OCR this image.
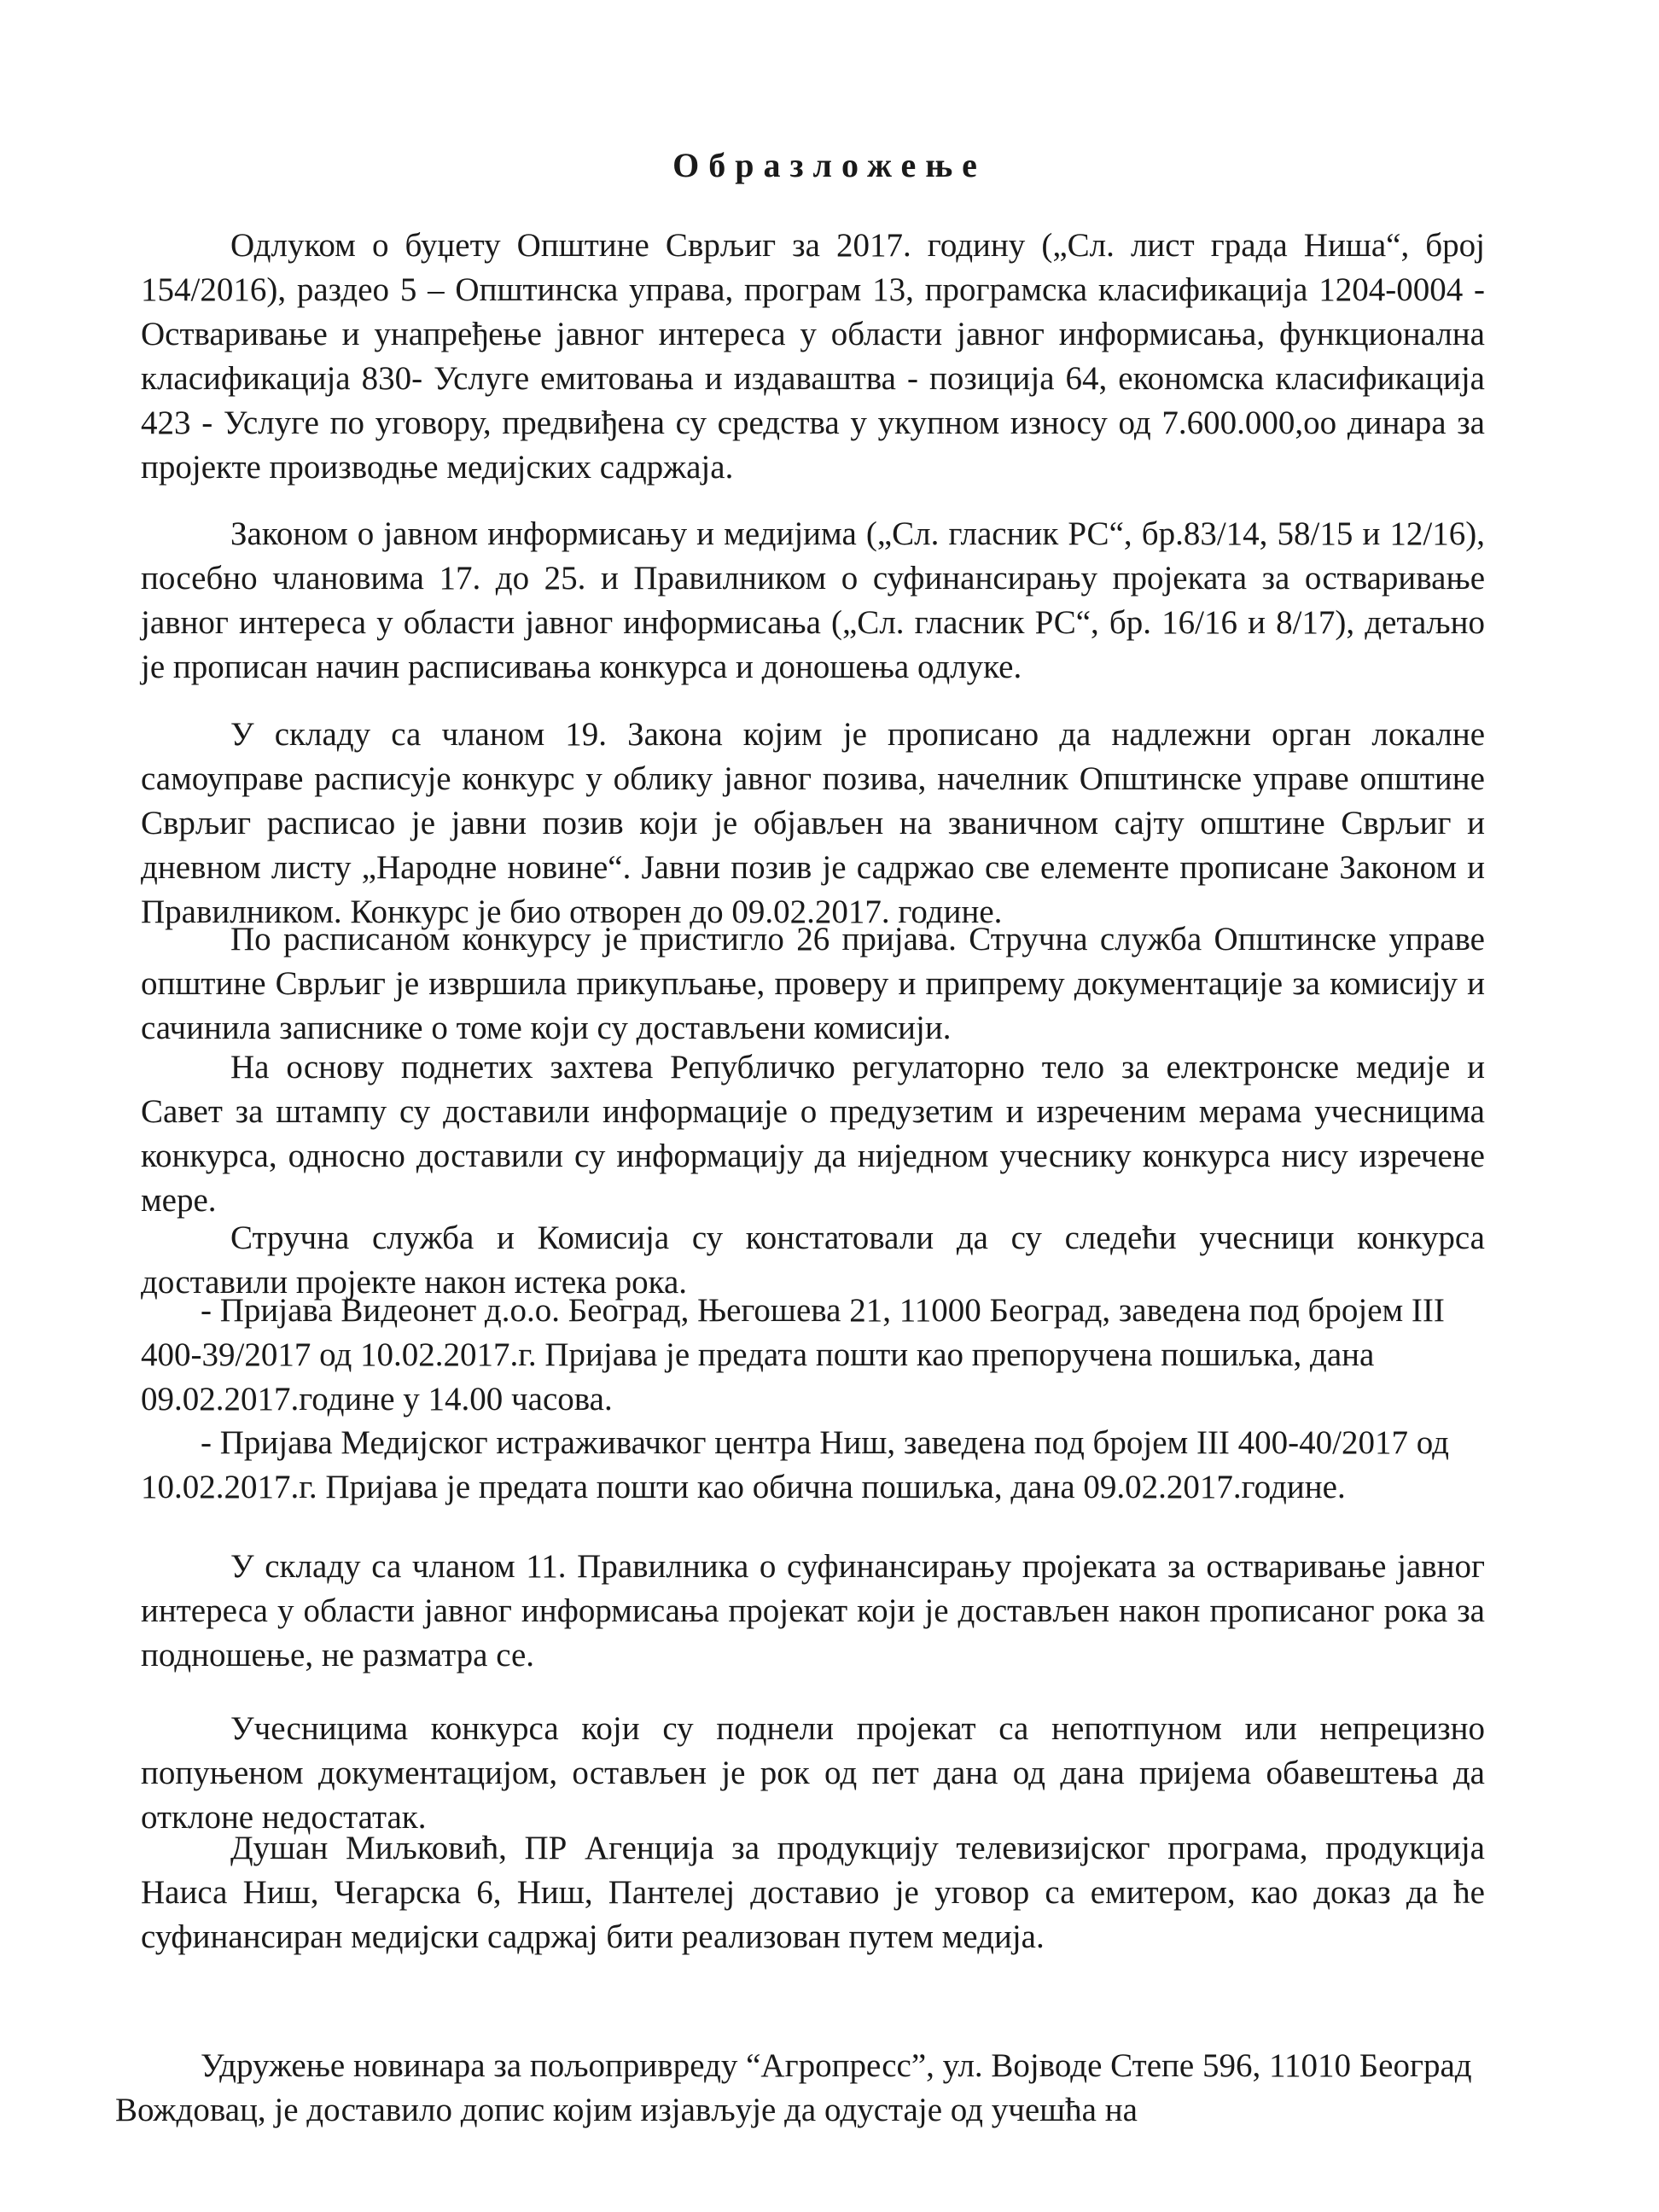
Образложење

Одлуком о буџету Општине Сврљиг за 2017. годину („Сл. лист града Ниша“, број 154/2016), раздео 5 – Општинска управа, програм 13, програмска класификација 1204-0004 - Остваривање и унапређење јавног интереса у области јавног информисања, функционална класификација 830- Услуге емитовања и издаваштва - позиција 64, економска класификација 423 - Услуге по уговору, предвиђена су средства у укупном износу од 7.600.000,оо динара за пројекте производње медијских садржаја.

Законом о јавном информисању и медијима („Сл. гласник РС“, бр.83/14, 58/15 и 12/16), посебно члановима 17. до 25. и Правилником о суфинансирању пројеката за остваривање јавног интереса у области јавног информисања („Сл. гласник РС“, бр. 16/16 и 8/17), детаљно је прописан начин расписивања конкурса и доношења одлуке.

У складу са чланом 19. Закона којим је прописано да надлежни орган локалне самоуправе расписује конкурс у облику јавног позива, начелник Општинске управе општине Сврљиг расписао је јавни позив који је објављен на званичном сајту општине Сврљиг и дневном листу „Народне новине“. Јавни позив је садржао све елементе прописане Законом и Правилником. Конкурс је био отворен до 09.02.2017. године.

По расписаном конкурсу је пристигло 26 пријава. Стручна служба Општинске управе општине Сврљиг је извршила прикупљање, проверу и припрему документације за комисију и сачинила записнике о томе који су достављени комисији.

На основу поднетих захтева Републичко регулаторно тело за електронске медије и Савет за штампу су доставили информације о предузетим и изреченим мерама учесницима конкурса, односно доставили су информацију да ниједном учеснику конкурса нису изречене мере.

Стручна служба и Комисија су констатовали да су следећи учесници конкурса доставили пројекте након истека рока.

- Пријава Видеонет д.о.о. Београд, Његошева 21, 11000 Београд, заведена под бројем III 400-39/2017 од 10.02.2017.г. Пријава је предата пошти као препоручена пошиљка, дана 09.02.2017.године у 14.00 часова.

- Пријава Медијског истраживачког центра Ниш, заведена под бројем III 400-40/2017 од 10.02.2017.г. Пријава је предата пошти као обична пошиљка, дана 09.02.2017.године.

У складу са чланом 11. Правилника о суфинансирању пројеката за остваривање јавног интереса у области јавног информисања пројекат који је достављен након прописаног рока за подношење, не разматра се.

Учесницима конкурса који су поднели пројекат са непотпуном или непрецизно попуњеном документацијом, остављен је рок од пет дана од дана пријема обавештења да отклоне недостатак.

Душан Миљковић, ПР Агенција за продукцију телевизијског програма, продукција Наиса Ниш, Чегарска 6, Ниш, Пантелеј доставио је уговор са емитером, као доказ да ће суфинансиран медијски садржај бити реализован путем медија.

Удружење новинара за пољопривреду “Агропресс”, ул. Војводе Степе 596, 11010 Београд Вождовац, је доставило допис којим изјављује да одустаје од учешћа на
